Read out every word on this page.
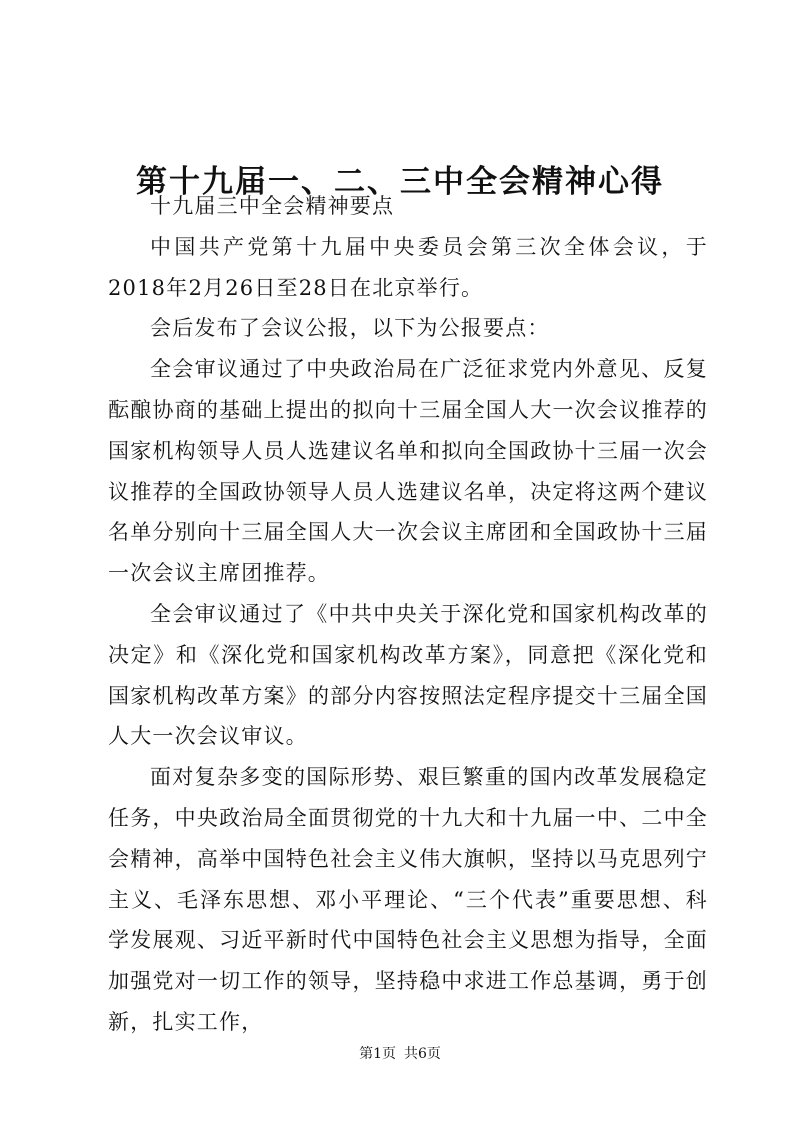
第十九届一、二、三中全会精神心得

十九届三中全会精神要点

中国共产党第十九届中央委员会第三次全体会议，于2018年2月26日至28日在北京举行。

会后发布了会议公报，以下为公报要点：

全会审议通过了中央政治局在广泛征求党内外意见、反复酝酿协商的基础上提出的拟向十三届全国人大一次会议推荐的国家机构领导人员人选建议名单和拟向全国政协十三届一次会议推荐的全国政协领导人员人选建议名单，决定将这两个建议名单分别向十三届全国人大一次会议主席团和全国政协十三届一次会议主席团推荐。

全会审议通过了《中共中央关于深化党和国家机构改革的决定》和《深化党和国家机构改革方案》，同意把《深化党和国家机构改革方案》的部分内容按照法定程序提交十三届全国人大一次会议审议。

面对复杂多变的国际形势、艰巨繁重的国内改革发展稳定任务，中央政治局全面贯彻党的十九大和十九届一中、二中全会精神，高举中国特色社会主义伟大旗帜，坚持以马克思列宁主义、毛泽东思想、邓小平理论、“三个代表”重要思想、科学发展观、习近平新时代中国特色社会主义思想为指导，全面加强党对一切工作的领导，坚持稳中求进工作总基调，勇于创新，扎实工作，

第1页 共6页
